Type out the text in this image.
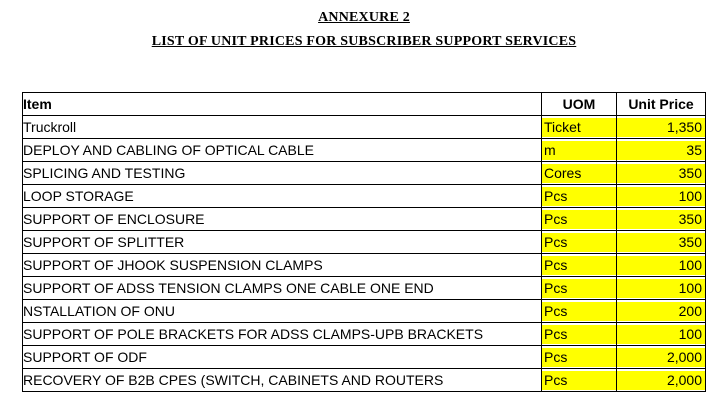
ANNEXURE 2
LIST OF UNIT PRICES FOR SUBSCRIBER SUPPORT SERVICES
Item	UOM	Unit Price
Truckroll	Ticket	1,350

DEPLOY AND CABLING OF OPTICAL CABLE	m	35

SPLICING AND TESTING	Cores	350

LOOP STORAGE	Pcs	100

SUPPORT OF ENCLOSURE	Pcs	350

SUPPORT OF SPLITTER	Pcs	350

SUPPORT OF JHOOK SUSPENSION CLAMPS	Pcs	100

SUPPORT OF ADSS TENSION CLAMPS ONE CABLE ONE END	Pcs	100

NSTALLATION OF ONU	Pcs	200

SUPPORT OF POLE BRACKETS FOR ADSS CLAMPS-UPB BRACKETS	Pcs	100

SUPPORT OF ODF	Pcs	2,000

RECOVERY OF B2B CPES (SWITCH, CABINETS AND ROUTERS	Pcs	2,000
